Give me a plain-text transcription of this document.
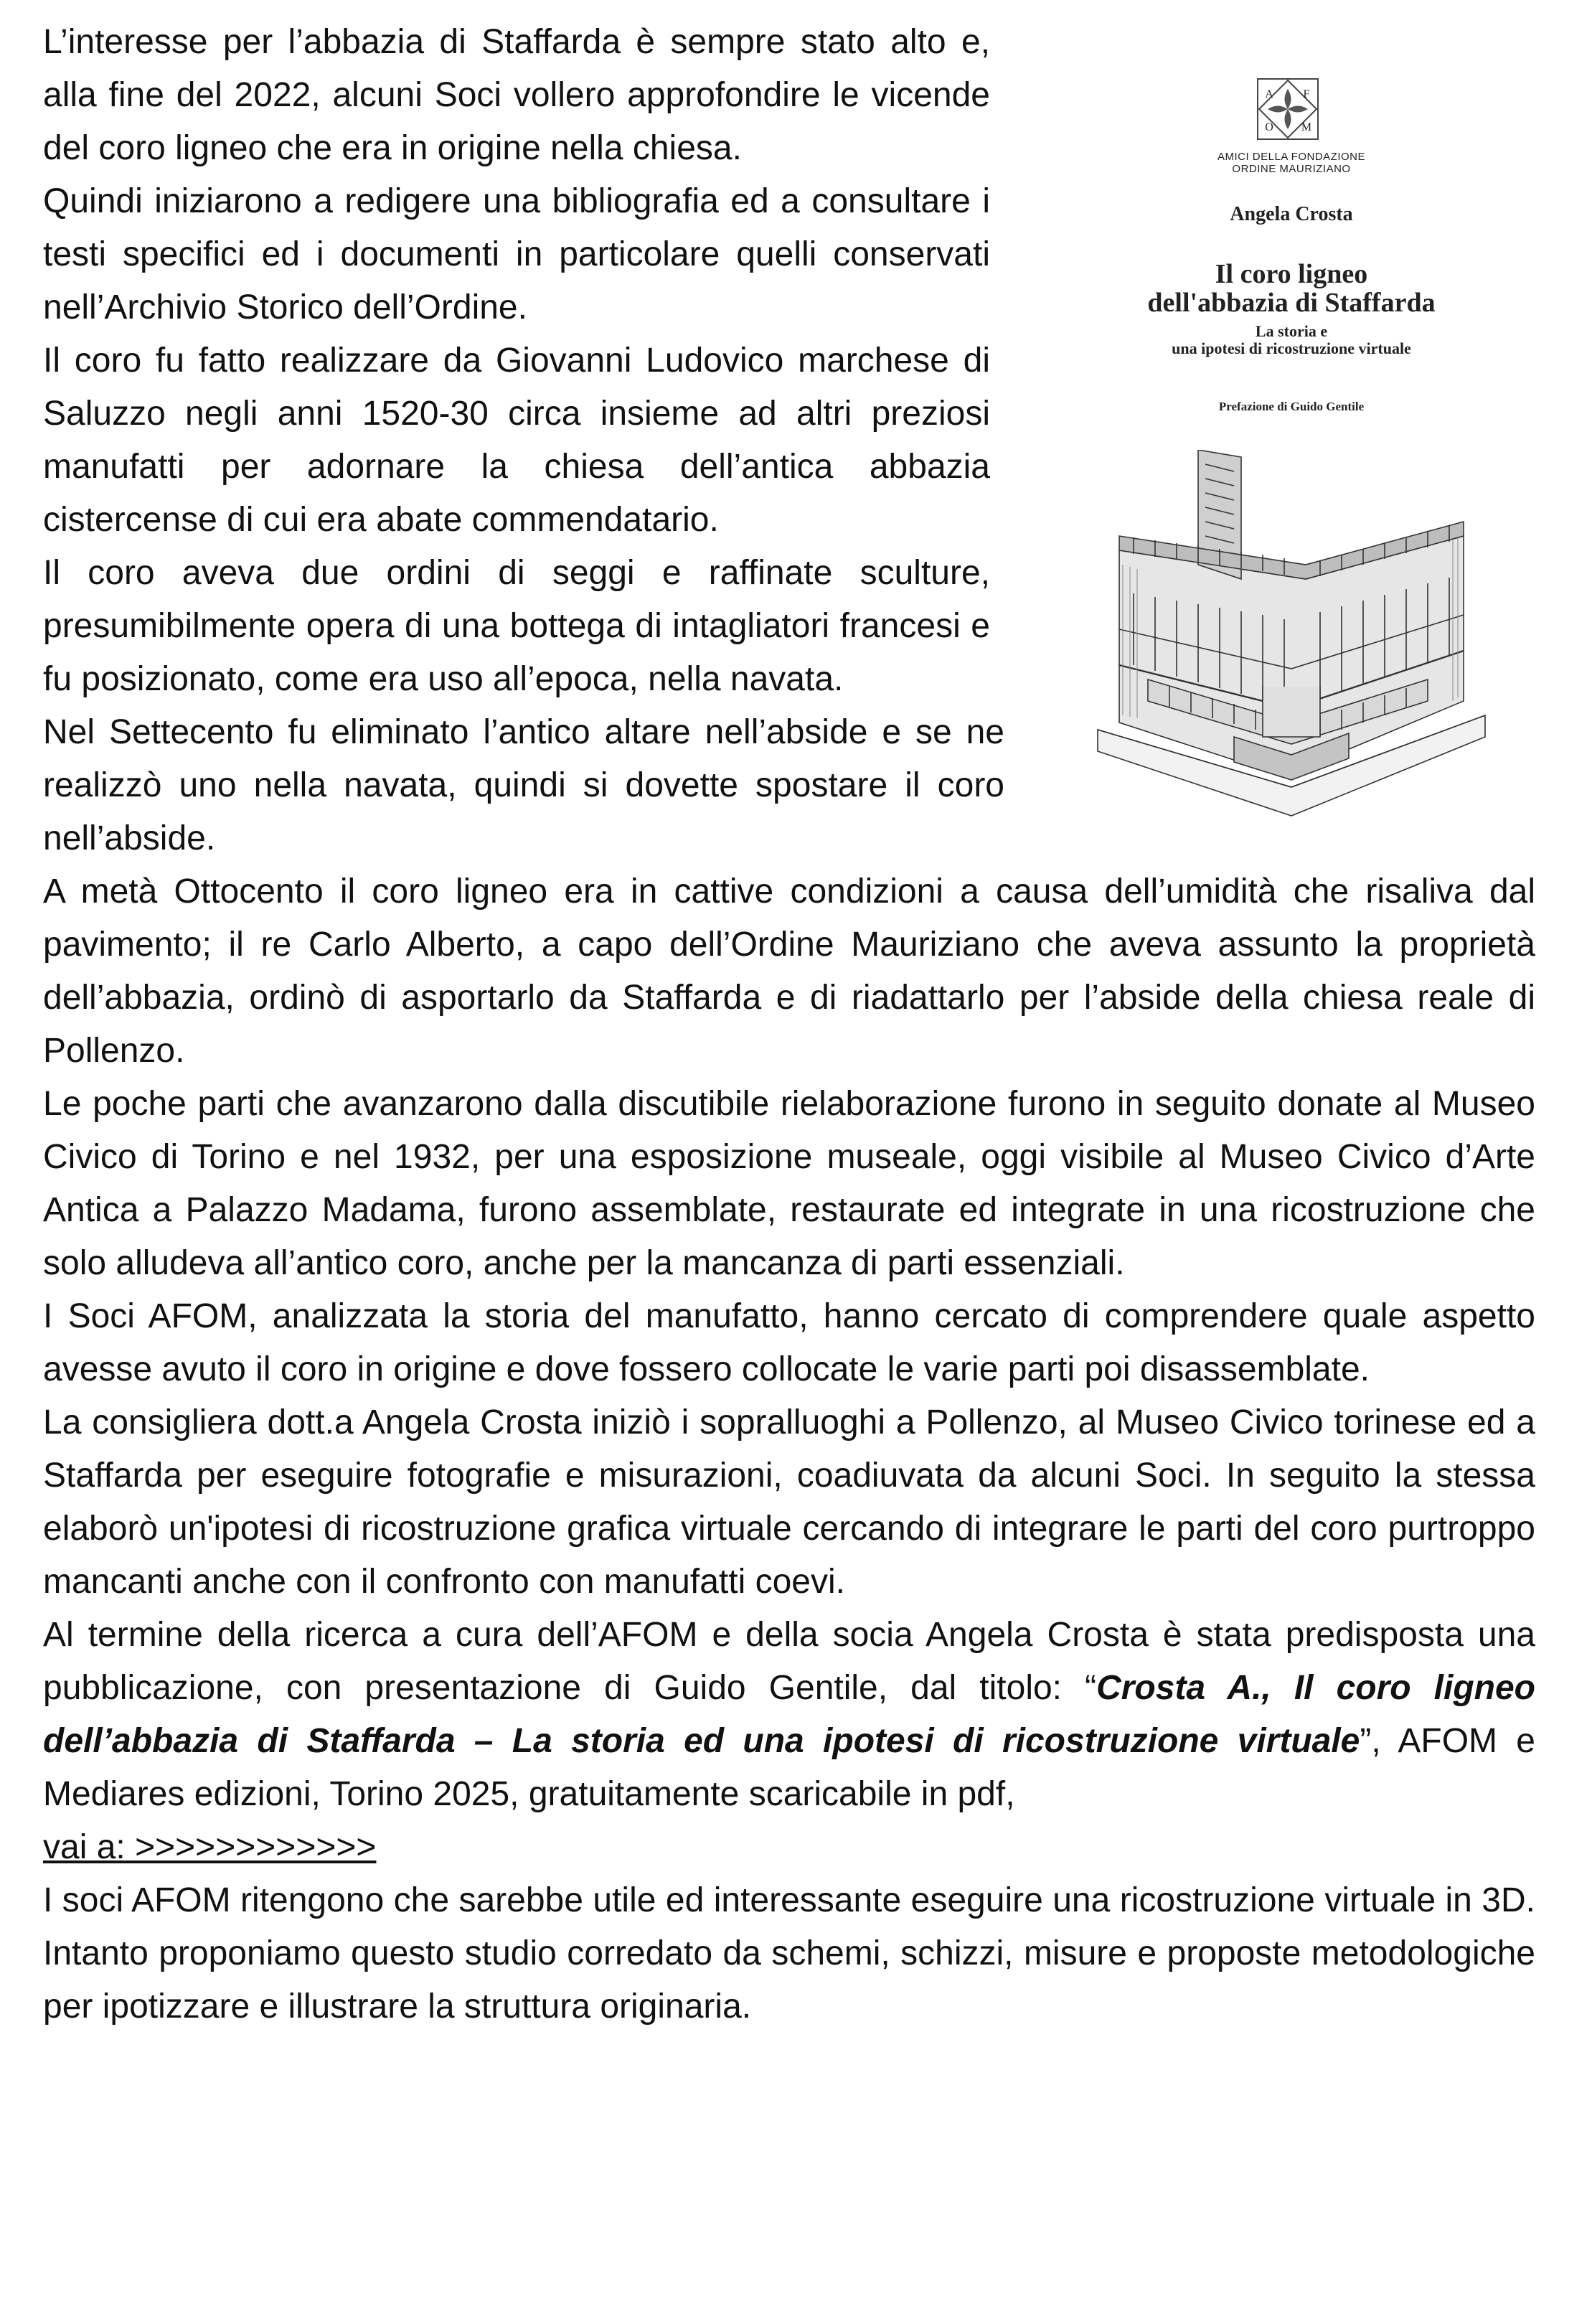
A	F
O M
AMICI DELLA FONDAZIONE
ORDINE MAURIZIANO
Angela Crosta
Il coro ligneo
dell'abbazia di Staffarda
La storia e
una ipotesi di ricostruzione virtuale
Prefazione di Guido Gentile

L’interesse per l’abbazia di Staffarda è sempre stato alto e, alla fine del 2022, alcuni Soci vollero approfondire le vicende del coro ligneo che era in origine nella chiesa.

Quindi iniziarono a redigere una bibliografia ed a consultare i testi specifici ed i documenti in particolare quelli conservati nell’Archivio Storico dell’Ordine.

Il coro fu fatto realizzare da Giovanni Ludovico marchese di Saluzzo negli anni 1520-30 circa insieme ad altri preziosi manufatti per adornare la chiesa dell’antica abbazia cistercense di cui era abate commendatario.

Il coro aveva due ordini di seggi e raffinate sculture, presumibilmente opera di una bottega di intagliatori francesi e fu posizionato, come era uso all’epoca, nella navata.

Nel Settecento fu eliminato l’antico altare nell’abside e se ne realizzò uno nella navata, quindi si dovette spostare il coro nell’abside.

A metà Ottocento il coro ligneo era in cattive condizioni a causa dell’umidità che risaliva dal pavimento; il re Carlo Alberto, a capo dell’Ordine Mauriziano che aveva assunto la proprietà dell’abbazia, ordinò di asportarlo da Staffarda e di riadattarlo per l’abside della chiesa reale di Pollenzo.

Le poche parti che avanzarono dalla discutibile rielaborazione furono in seguito donate al Museo Civico di Torino e nel 1932, per una esposizione museale, oggi visibile al Museo Civico d’Arte Antica a Palazzo Madama, furono assemblate, restaurate ed integrate in una ricostruzione che solo alludeva all’antico coro, anche per la mancanza di parti essenziali.

I Soci AFOM, analizzata la storia del manufatto, hanno cercato di comprendere quale aspetto avesse avuto il coro in origine e dove fossero collocate le varie parti poi disassemblate.

La consigliera dott.a Angela Crosta iniziò i sopralluoghi a Pollenzo, al Museo Civico torinese ed a Staffarda per eseguire fotografie e misurazioni, coadiuvata da alcuni Soci. In seguito la stessa elaborò un'ipotesi di ricostruzione grafica virtuale cercando di integrare le parti del coro purtroppo mancanti anche con il confronto con manufatti coevi.

Al termine della ricerca a cura dell’AFOM e della socia Angela Crosta è stata predisposta una pubblicazione, con presentazione di Guido Gentile, dal titolo: “Crosta A., Il coro ligneo dell’abbazia di Staffarda – La storia ed una ipotesi di ricostruzione virtuale”, AFOM e Mediares edizioni, Torino 2025, gratuitamente scaricabile in pdf,

vai a: >>>>>>>>>>>>

I soci AFOM ritengono che sarebbe utile ed interessante eseguire una ricostruzione virtuale in 3D. Intanto proponiamo questo studio corredato da schemi, schizzi, misure e proposte metodologiche per ipotizzare e illustrare la struttura originaria.
